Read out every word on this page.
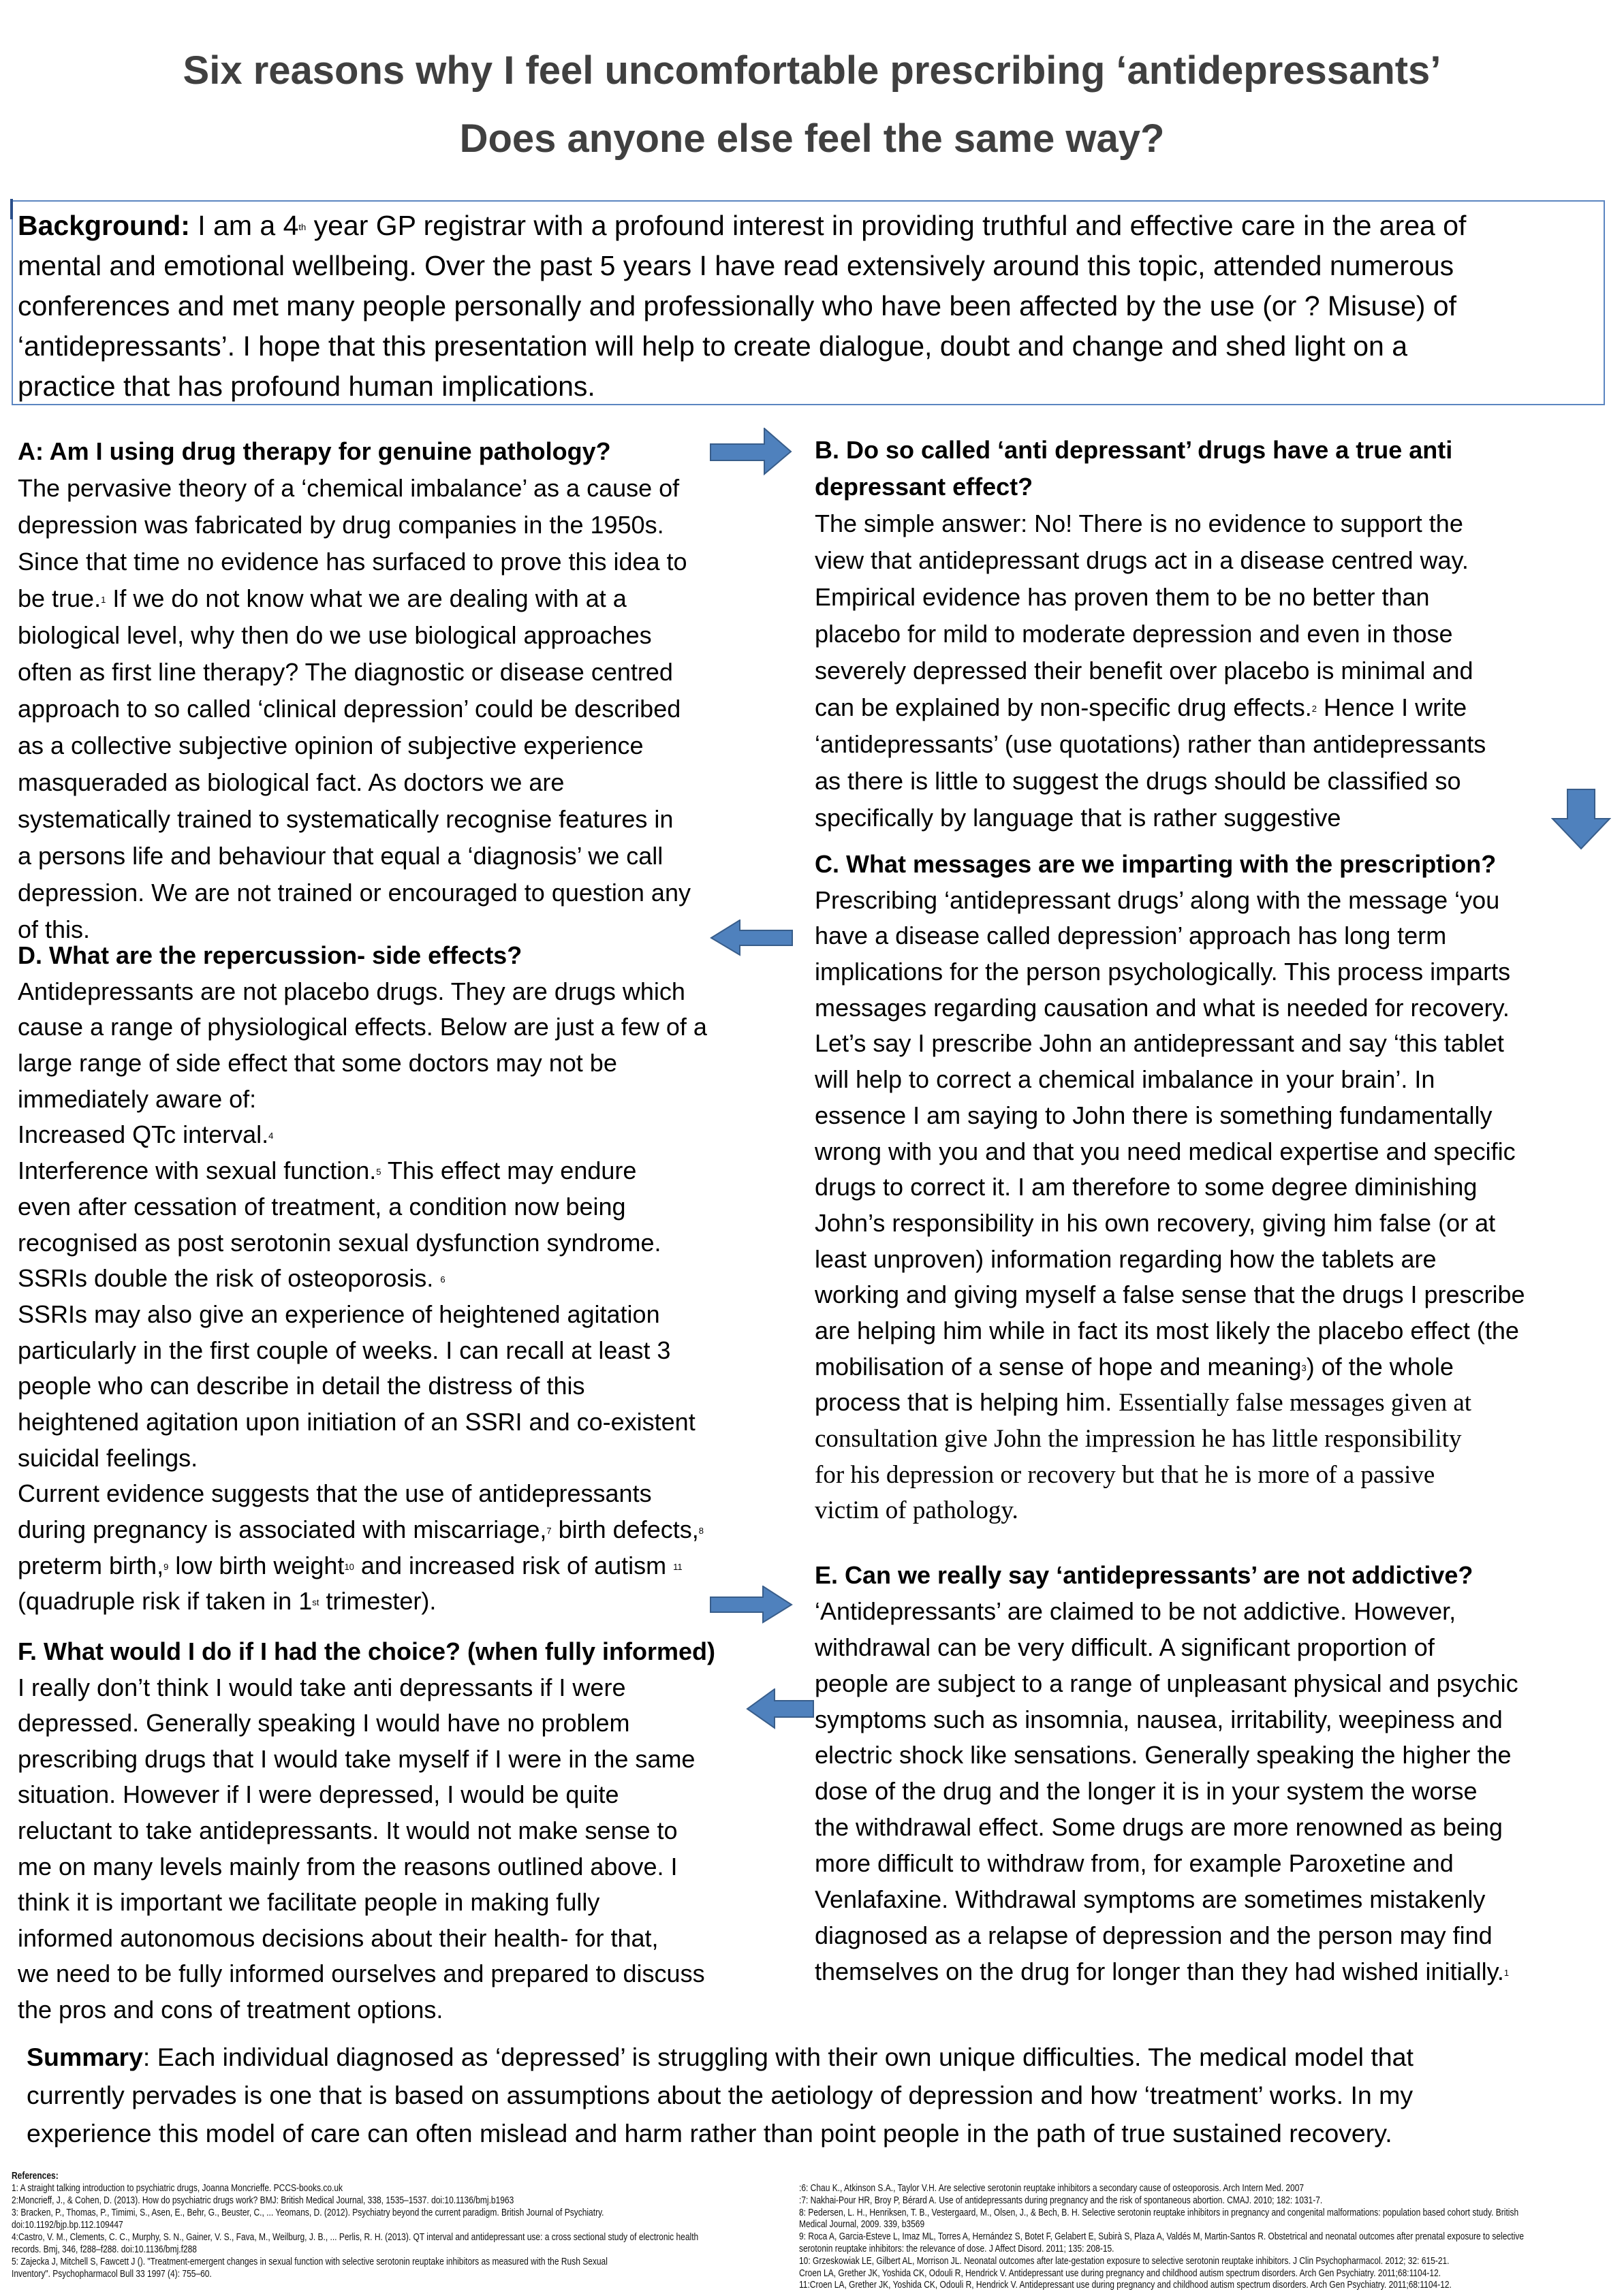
Six reasons why I feel uncomfortable prescribing ‘antidepressants’
Does anyone else feel the same way?
Background: I am a 4th year GP registrar with a profound interest in providing truthful and effective care in the area of
mental and emotional wellbeing. Over the past 5 years I have read extensively around this topic, attended numerous
conferences and met many people personally and professionally who have been affected by the use (or ? Misuse) of
‘antidepressants’. I hope that this presentation will help to create dialogue, doubt and change and shed light on a
practice that has profound human implications.
A: Am I using drug therapy for genuine pathology?
The pervasive theory of a ‘chemical imbalance’ as a cause of
depression was fabricated by drug companies in the 1950s.
Since that time no evidence has surfaced to prove this idea to
be true.$^1$ If we do not know what we are dealing with at a
biological level, why then do we use biological approaches
often as first line therapy? The diagnostic or disease centred
approach to so called ‘clinical depression’ could be described
as a collective subjective opinion of subjective experience
masqueraded as biological fact. As doctors we are
systematically trained to systematically recognise features in
a persons life and behaviour that equal a ‘diagnosis’ we call
depression. We are not trained or encouraged to question any
of this.
D. What are the repercussion- side effects?
Antidepressants are not placebo drugs. They are drugs which
cause a range of physiological effects. Below are just a few of a
large range of side effect that some doctors may not be
immediately aware of:
Increased QTc interval.$^4$
Interference with sexual function.$^5$ This effect may endure
even after cessation of treatment, a condition now being
recognised as post serotonin sexual dysfunction syndrome.
SSRIs double the risk of osteoporosis. $^6$
SSRIs may also give an experience of heightened agitation
particularly in the first couple of weeks. I can recall at least 3
people who can describe in detail the distress of this
heightened agitation upon initiation of an SSRI and co-existent
suicidal feelings.
Current evidence suggests that the use of antidepressants
during pregnancy is associated with miscarriage,$^7$ birth defects,$^8$
preterm birth,$^9$ low birth weight$^{10}$ and increased risk of autism $^{11}$
(quadruple risk if taken in 1st trimester).
F. What would I do if I had the choice? (when fully informed)
I really don’t think I would take anti depressants if I were
depressed. Generally speaking I would have no problem
prescribing drugs that I would take myself if I were in the same
situation. However if I were depressed, I would be quite
reluctant to take antidepressants. It would not make sense to
me on many levels mainly from the reasons outlined above. I
think it is important we facilitate people in making fully
informed autonomous decisions about their health- for that,
we need to be fully informed ourselves and prepared to discuss
the pros and cons of treatment options.
B. Do so called ‘anti depressant’ drugs have a true anti
depressant effect?
The simple answer: No! There is no evidence to support the
view that antidepressant drugs act in a disease centred way.
Empirical evidence has proven them to be no better than
placebo for mild to moderate depression and even in those
severely depressed their benefit over placebo is minimal and
can be explained by non-specific drug effects.$^2$ Hence I write
‘antidepressants’ (use quotations) rather than antidepressants
as there is little to suggest the drugs should be classified so
specifically by language that is rather suggestive
C. What messages are we imparting with the prescription?
Prescribing ‘antidepressant drugs’ along with the message ‘you
have a disease called depression’ approach has long term
implications for the person psychologically. This process imparts
messages regarding causation and what is needed for recovery.
Let’s say I prescribe John an antidepressant and say ‘this tablet
will help to correct a chemical imbalance in your brain’. In
essence I am saying to John there is something fundamentally
wrong with you and that you need medical expertise and specific
drugs to correct it. I am therefore to some degree diminishing
John’s responsibility in his own recovery, giving him false (or at
least unproven) information regarding how the tablets are
working and giving myself a false sense that the drugs I prescribe
are helping him while in fact its most likely the placebo effect (the
mobilisation of a sense of hope and meaning$^3$) of the whole
process that is helping him. Essentially false messages given at
consultation give John the impression he has little responsibility
for his depression or recovery but that he is more of a passive
victim of pathology.
E. Can we really say ‘antidepressants’ are not addictive?
‘Antidepressants’ are claimed to be not addictive. However,
withdrawal can be very difficult. A significant proportion of
people are subject to a range of unpleasant physical and psychic
symptoms such as insomnia, nausea, irritability, weepiness and
electric shock like sensations. Generally speaking the higher the
dose of the drug and the longer it is in your system the worse
the withdrawal effect. Some drugs are more renowned as being
more difficult to withdraw from, for example Paroxetine and
Venlafaxine. Withdrawal symptoms are sometimes mistakenly
diagnosed as a relapse of depression and the person may find
themselves on the drug for longer than they had wished initially.$^1$
Summary: Each individual diagnosed as ‘depressed’ is struggling with their own unique difficulties. The medical model that
currently pervades is one that is based on assumptions about the aetiology of depression and how ‘treatment’ works. In my
experience this model of care can often mislead and harm rather than point people in the path of true sustained recovery.
References:
1: A straight talking introduction to psychiatric drugs, Joanna Moncrieffe. PCCS-books.co.uk
2:Moncrieff, J., & Cohen, D. (2013). How do psychiatric drugs work? BMJ: British Medical Journal, 338, 1535–1537. doi:10.1136/bmj.b1963
3: Bracken, P., Thomas, P., Timimi, S., Asen, E., Behr, G., Beuster, C., ... Yeomans, D. (2012). Psychiatry beyond the current paradigm. British Journal of Psychiatry.
doi:10.1192/bjp.bp.112.109447
4:Castro, V. M., Clements, C. C., Murphy, S. N., Gainer, V. S., Fava, M., Weilburg, J. B., ... Perlis, R. H. (2013). QT interval and antidepressant use: a cross sectional study of electronic health
records. Bmj, 346, f288–f288. doi:10.1136/bmj.f288
5: Zajecka J, Mitchell S, Fawcett J (). "Treatment-emergent changes in sexual function with selective serotonin reuptake inhibitors as measured with the Rush Sexual
Inventory". Psychopharmacol Bull 33 1997 (4): 755–60.
:6: Chau K., Atkinson S.A., Taylor V.H. Are selective serotonin reuptake inhibitors a secondary cause of osteoporosis. Arch Intern Med. 2007
:7: Nakhai-Pour HR, Broy P, Bérard A. Use of antidepressants during pregnancy and the risk of spontaneous abortion. CMAJ. 2010; 182: 1031-7.
8: Pedersen, L. H., Henriksen, T. B., Vestergaard, M., Olsen, J., & Bech, B. H. Selective serotonin reuptake inhibitors in pregnancy and congenital malformations: population based cohort study. British
Medical Journal, 2009. 339, b3569
9: Roca A, Garcia-Esteve L, Imaz ML, Torres A, Hernández S, Botet F, Gelabert E, Subirà S, Plaza A, Valdés M, Martin-Santos R. Obstetrical and neonatal outcomes after prenatal exposure to selective
serotonin reuptake inhibitors: the relevance of dose. J Affect Disord. 2011; 135: 208-15.
10: Grzeskowiak LE, Gilbert AL, Morrison JL. Neonatal outcomes after late-gestation exposure to selective serotonin reuptake inhibitors. J Clin Psychopharmacol. 2012; 32: 615-21.
Croen LA, Grether JK, Yoshida CK, Odouli R, Hendrick V. Antidepressant use during pregnancy and childhood autism spectrum disorders. Arch Gen Psychiatry. 2011;68:1104-12.
11:Croen LA, Grether JK, Yoshida CK, Odouli R, Hendrick V. Antidepressant use during pregnancy and childhood autism spectrum disorders. Arch Gen Psychiatry. 2011;68:1104-12.
